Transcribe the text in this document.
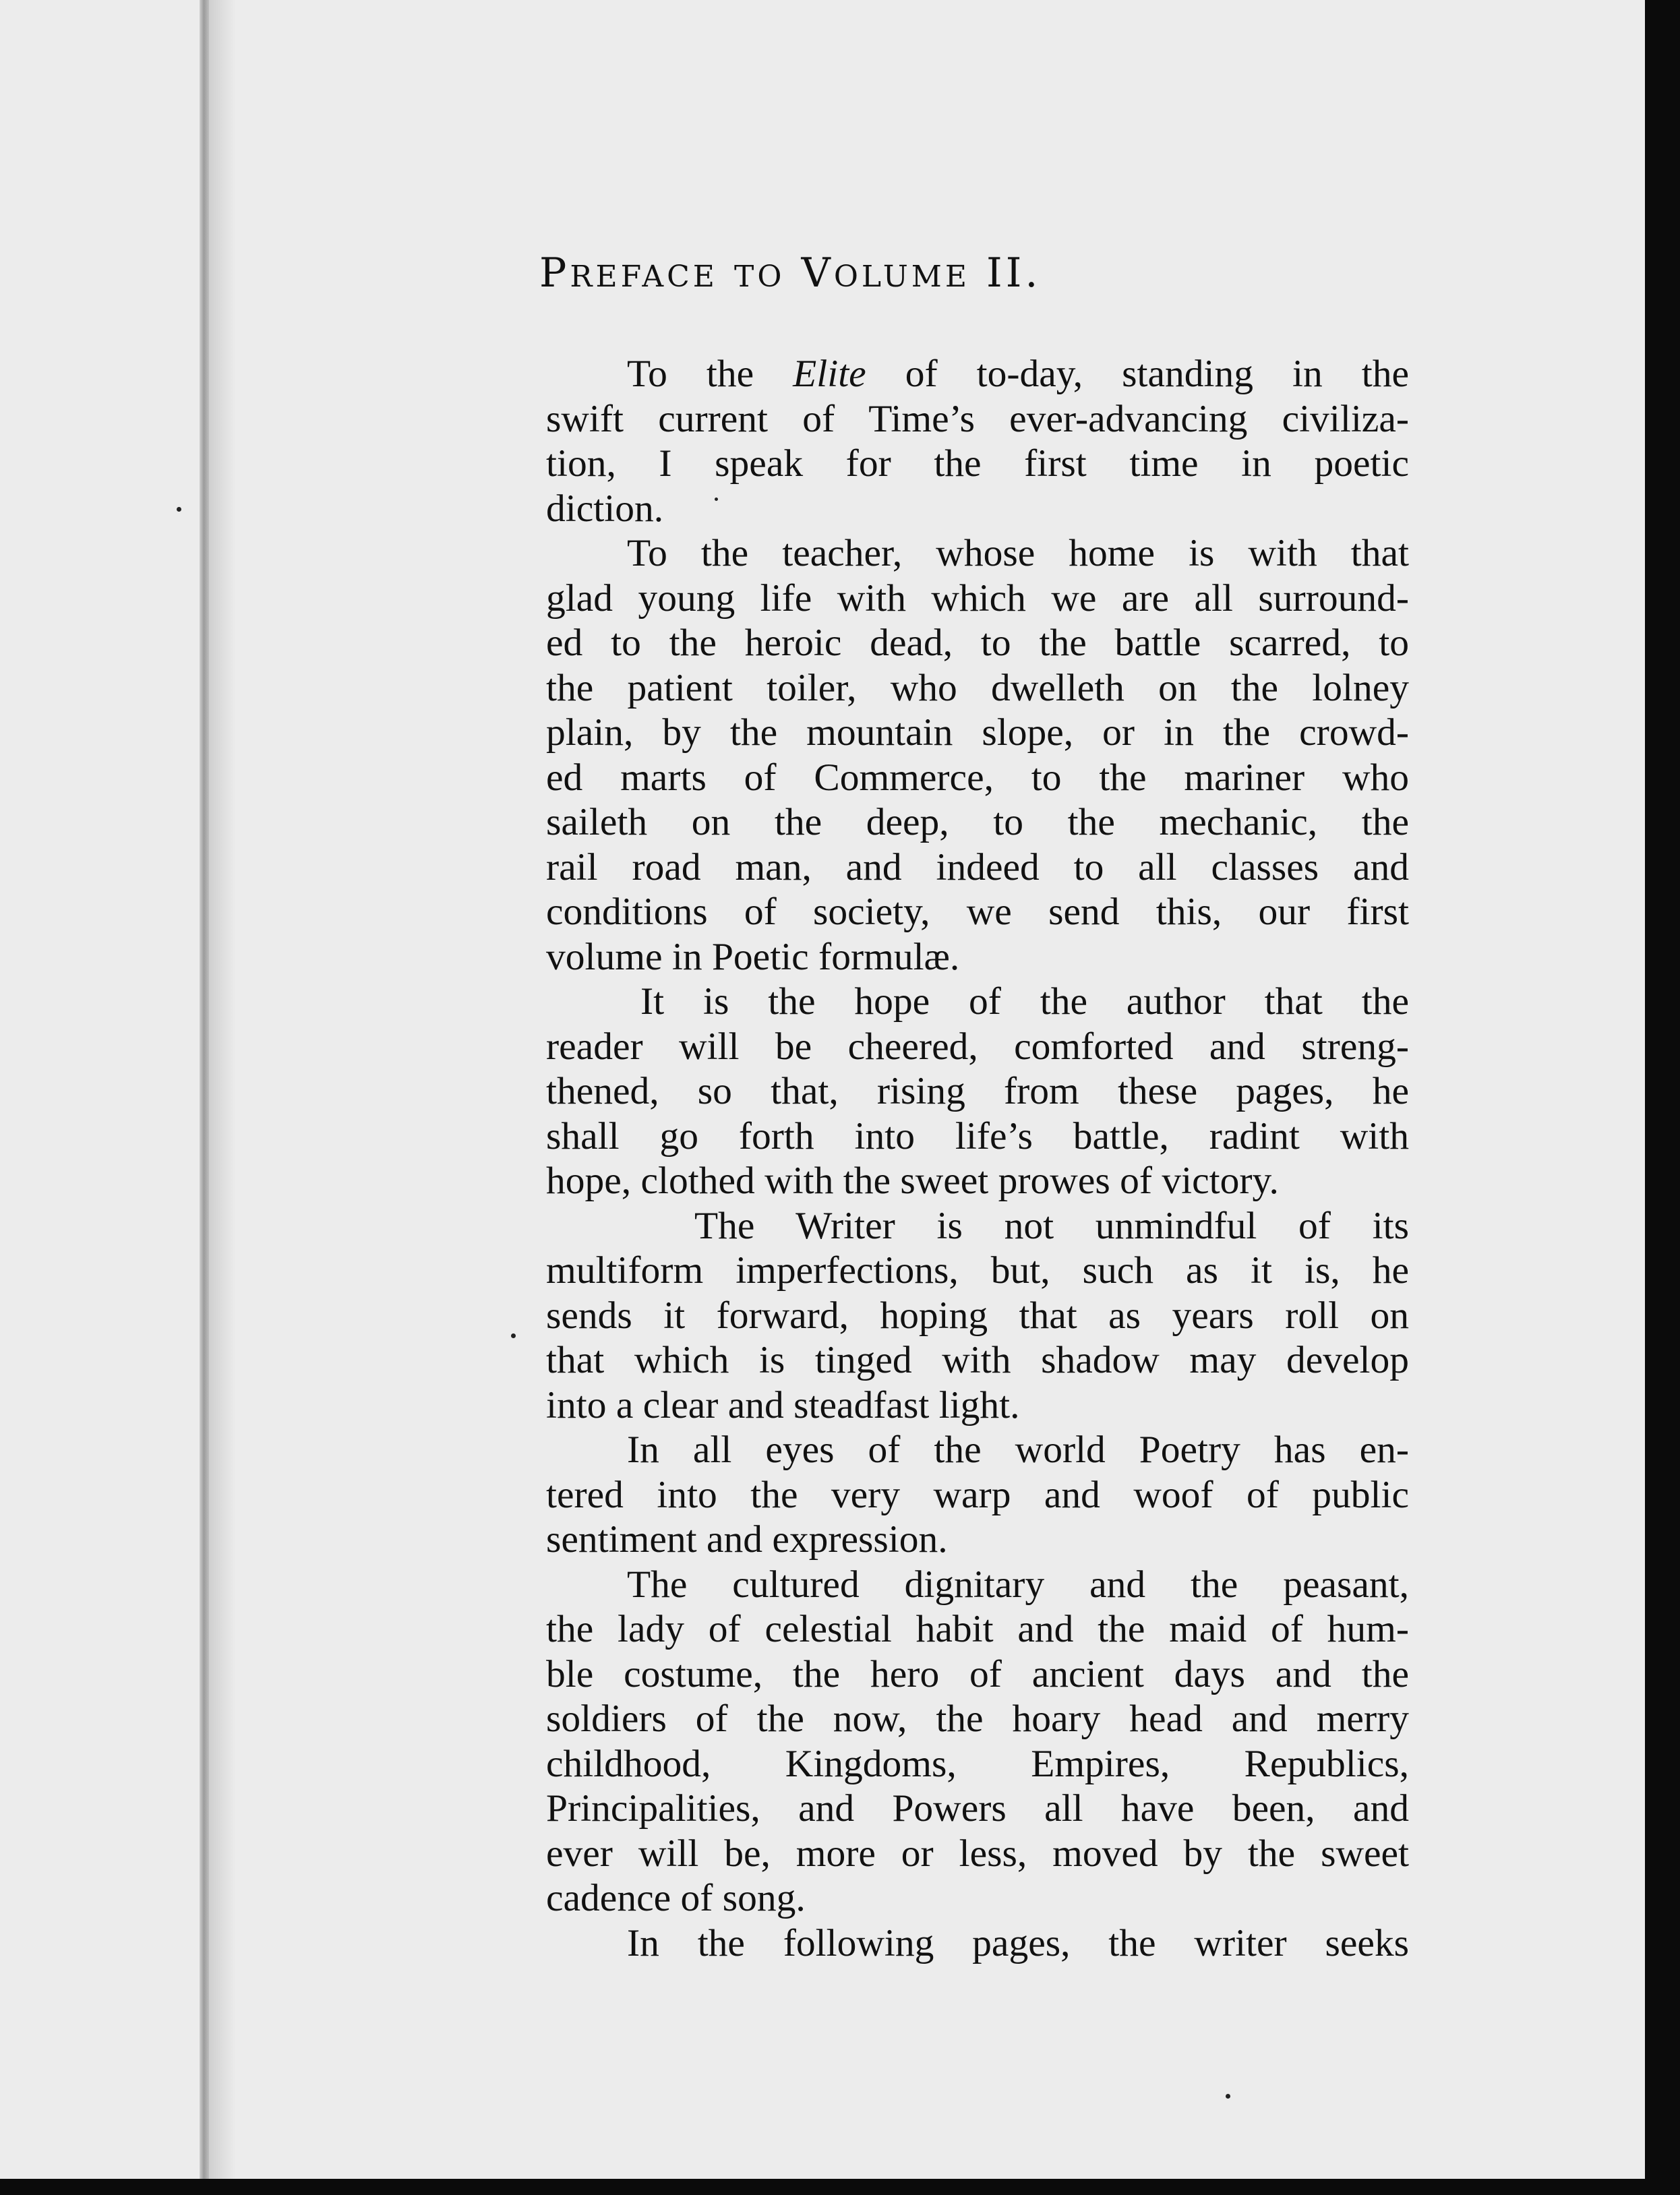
PREFACE TO VOLUME II.
To the Elite of to-day, standing in the
swift current of Time’s ever-advancing civiliza-
tion, I speak for the first time in poetic
diction.
To the teacher, whose home is with that
glad young life with which we are all surround-
ed to the heroic dead, to the battle scarred, to
the patient toiler, who dwelleth on the lolney
plain, by the mountain slope, or in the crowd-
ed marts of Commerce, to the mariner who
saileth on the deep, to the mechanic, the
rail road man, and indeed to all classes and
conditions of society, we send this, our first
volume in Poetic formulæ.
It is the hope of the author that the
reader will be cheered, comforted and streng-
thened, so that, rising from these pages, he
shall go forth into life’s battle, radint with
hope, clothed with the sweet prowes of victory.
The Writer is not unmindful of its
multiform imperfections, but, such as it is, he
sends it forward, hoping that as years roll on
that which is tinged with shadow may develop
into a clear and steadfast light.
In all eyes of the world Poetry has en-
tered into the very warp and woof of public
sentiment and expression.
The cultured dignitary and the peasant,
the lady of celestial habit and the maid of hum-
ble costume, the hero of ancient days and the
soldiers of the now, the hoary head and merry
childhood, Kingdoms, Empires, Republics,
Principalities, and Powers all have been, and
ever will be, more or less, moved by the sweet
cadence of song.
In the following pages, the writer seeks
